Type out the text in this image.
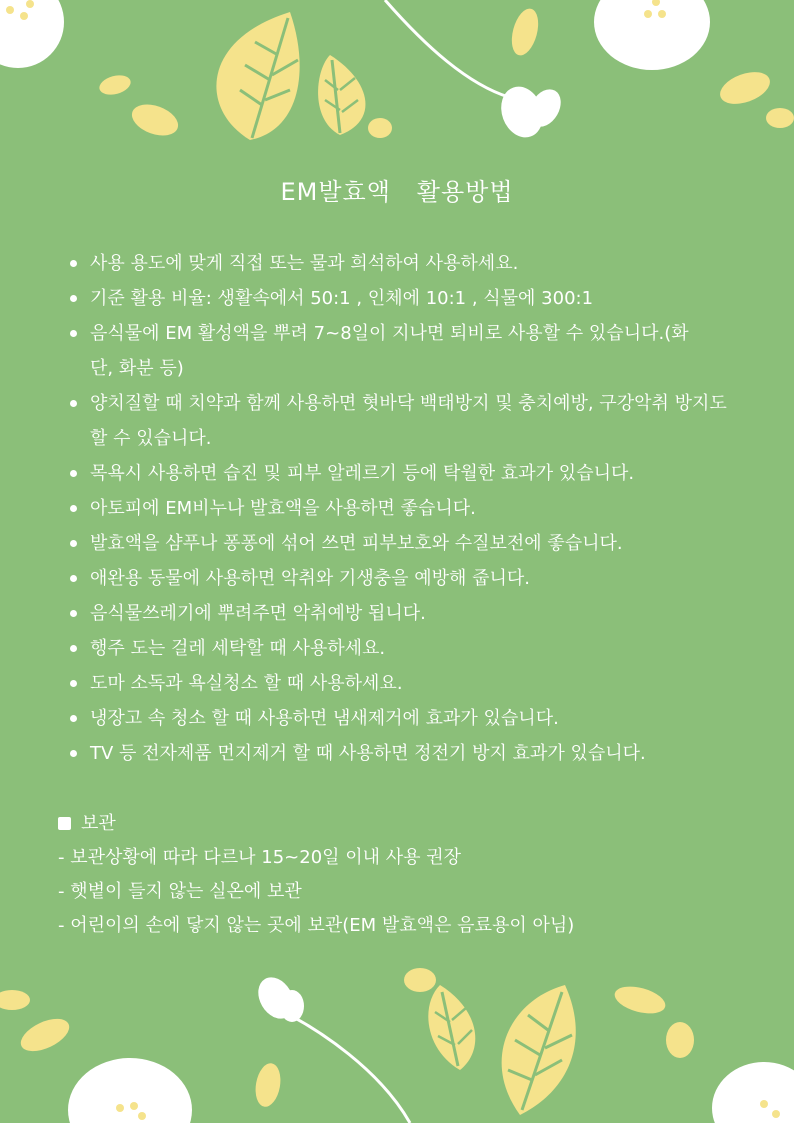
EM발효액   활용방법
사용 용도에 맞게 직접 또는 물과 희석하여 사용하세요.
기준 활용 비율: 생활속에서 50:1 , 인체에 10:1 , 식물에 300:1
음식물에 EM 활성액을 뿌려 7~8일이 지나면 퇴비로 사용할 수 있습니다.(화단, 화분 등)
양치질할 때 치약과 함께 사용하면 혓바닥 백태방지 및 충치예방, 구강악취 방지도 할 수 있습니다.
목욕시 사용하면 습진 및 피부 알레르기 등에 탁월한 효과가 있습니다.
아토피에 EM비누나 발효액을 사용하면 좋습니다.
발효액을 샴푸나 퐁퐁에 섞어 쓰면 피부보호와 수질보전에 좋습니다.
애완용 동물에 사용하면 악취와 기생충을 예방해 줍니다.
음식물쓰레기에 뿌려주면 악취예방 됩니다.
행주 도는 걸레 세탁할 때 사용하세요.
도마 소독과 욕실청소 할 때 사용하세요.
냉장고 속 청소 할 때 사용하면 냄새제거에 효과가 있습니다.
TV 등 전자제품 먼지제거 할 때 사용하면 정전기 방지 효과가 있습니다.
보관
- 보관상황에 따라 다르나 15~20일 이내 사용 권장
- 햇볕이 들지 않는 실온에 보관
- 어린이의 손에 닿지 않는 곳에 보관(EM 발효액은 음료용이 아님)
